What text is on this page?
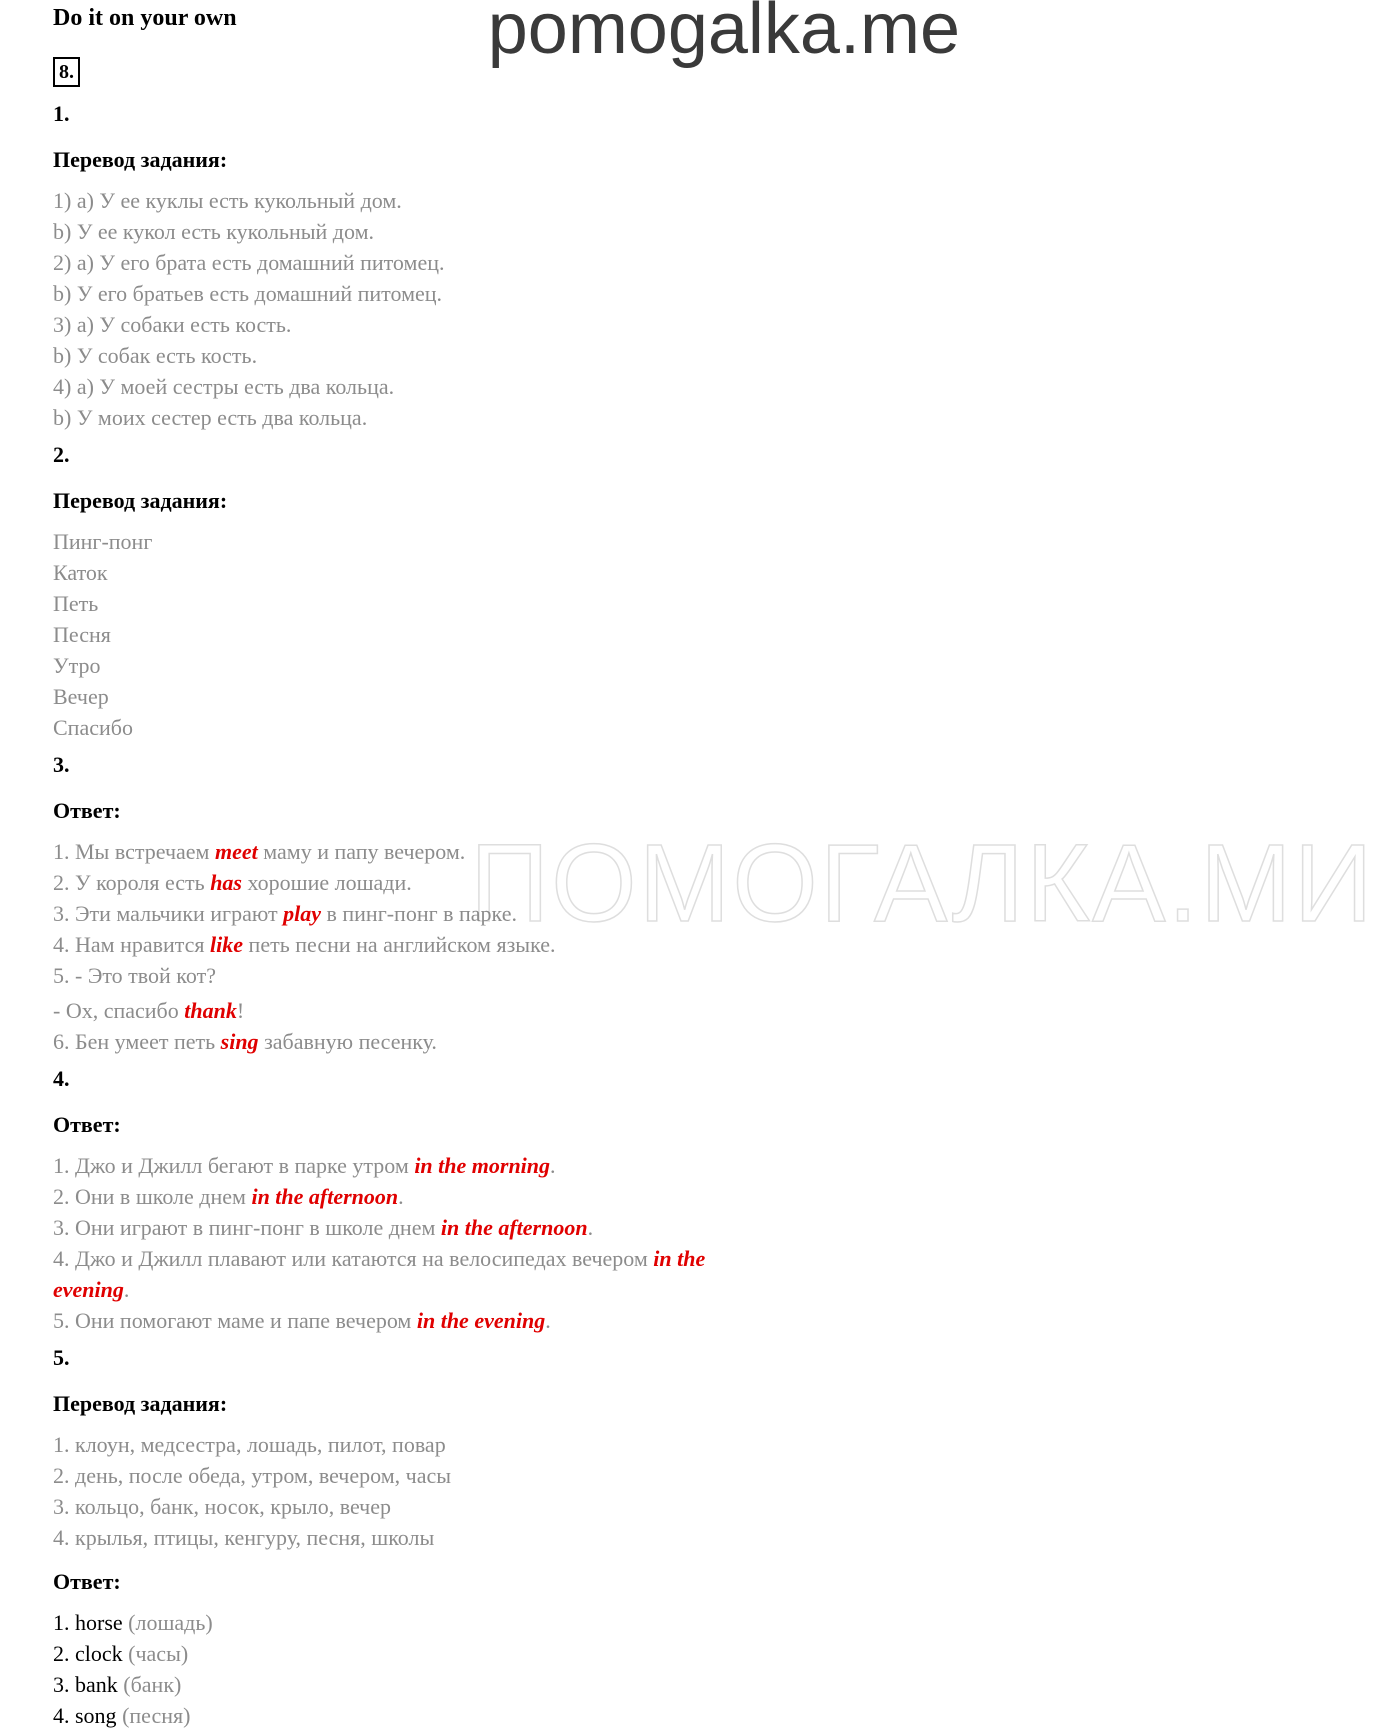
Do it on your own	pomogalka.me
8.
ПОМОГАЛКА.МИ
1.
Перевод задания:
1) a) У ее куклы есть кукольный дом.
b) У ее кукол есть кукольный дом.
2) a) У его брата есть домашний питомец.
b) У его братьев есть домашний питомец.
3) a) У собаки есть кость.
b) У собак есть кость.
4) a) У моей сестры есть два кольца.
b) У моих сестер есть два кольца.
2.
Перевод задания:
Пинг-понг
Каток
Петь
Песня
Утро
Вечер
Спасибо
3.
Ответ:
1. Мы встречаем meet маму и папу вечером.
2. У короля есть has хорошие лошади.
3. Эти мальчики играют play в пинг-понг в парке.
4. Нам нравится like петь песни на английском языке.
5. - Это твой кот?
- Ох, спасибо thank!
6. Бен умеет петь sing забавную песенку.
4.
Ответ:
1. Джо и Джилл бегают в парке утром in the morning.
2. Они в школе днем in the afternoon.
3. Они играют в пинг-понг в школе днем in the afternoon.
4. Джо и Джилл плавают или катаются на велосипедах вечером in the
evening.
5. Они помогают маме и папе вечером in the evening.
5.
Перевод задания:
1. клоун, медсестра, лошадь, пилот, повар
2. день, после обеда, утром, вечером, часы
3. кольцо, банк, носок, крыло, вечер
4. крылья, птицы, кенгуру, песня, школы
Ответ:
1. horse (лошадь)
2. clock (часы)
3. bank (банк)
4. song (песня)
